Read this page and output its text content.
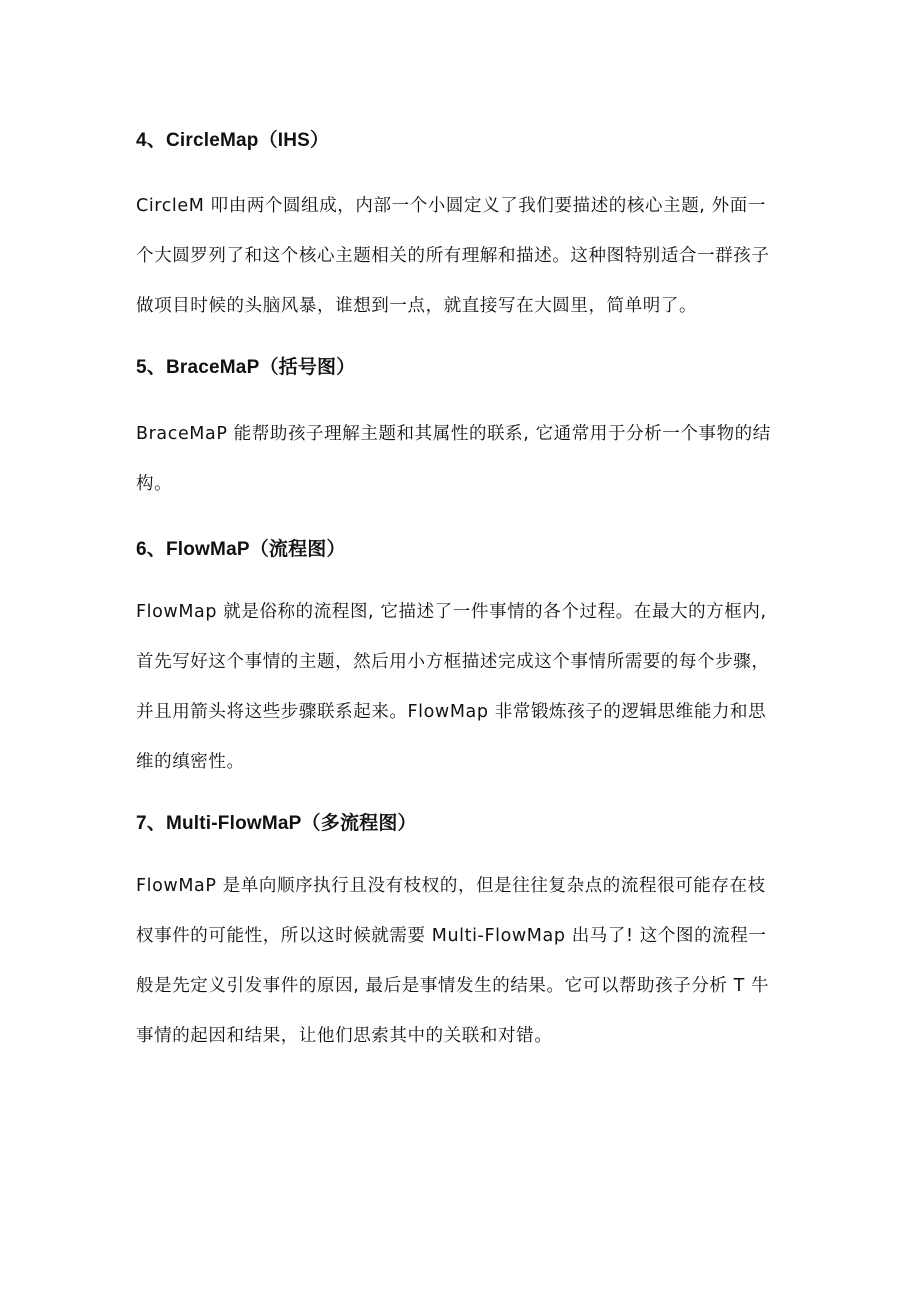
4、CircleMap（IHS）
CircleM 叩由两个圆组成，内部一个小圆定义了我们要描述的核心主题, 外面一
个大圆罗列了和这个核心主题相关的所有理解和描述。这种图特别适合一群孩子
做项目时候的头脑风暴，谁想到一点，就直接写在大圆里，简单明了。
5、BraceMaP（括号图）
BraceMaP 能帮助孩子理解主题和其属性的联系, 它通常用于分析一个事物的结
构。
6、FlowMaP（流程图）
FlowMap 就是俗称的流程图, 它描述了一件事情的各个过程。在最大的方框内,
首先写好这个事情的主题，然后用小方框描述完成这个事情所需要的每个步骤，
并且用箭头将这些步骤联系起来。FlowMap 非常锻炼孩子的逻辑思维能力和思
维的缜密性。
7、Multi-FlowMaP（多流程图）
FlowMaP 是单向顺序执行且没有枝杈的，但是往往复杂点的流程很可能存在枝
杈事件的可能性，所以这时候就需要 Multi-FlowMap 出马了! 这个图的流程一
般是先定义引发事件的原因, 最后是事情发生的结果。它可以帮助孩子分析 T 牛
事情的起因和结果，让他们思索其中的关联和对错。
